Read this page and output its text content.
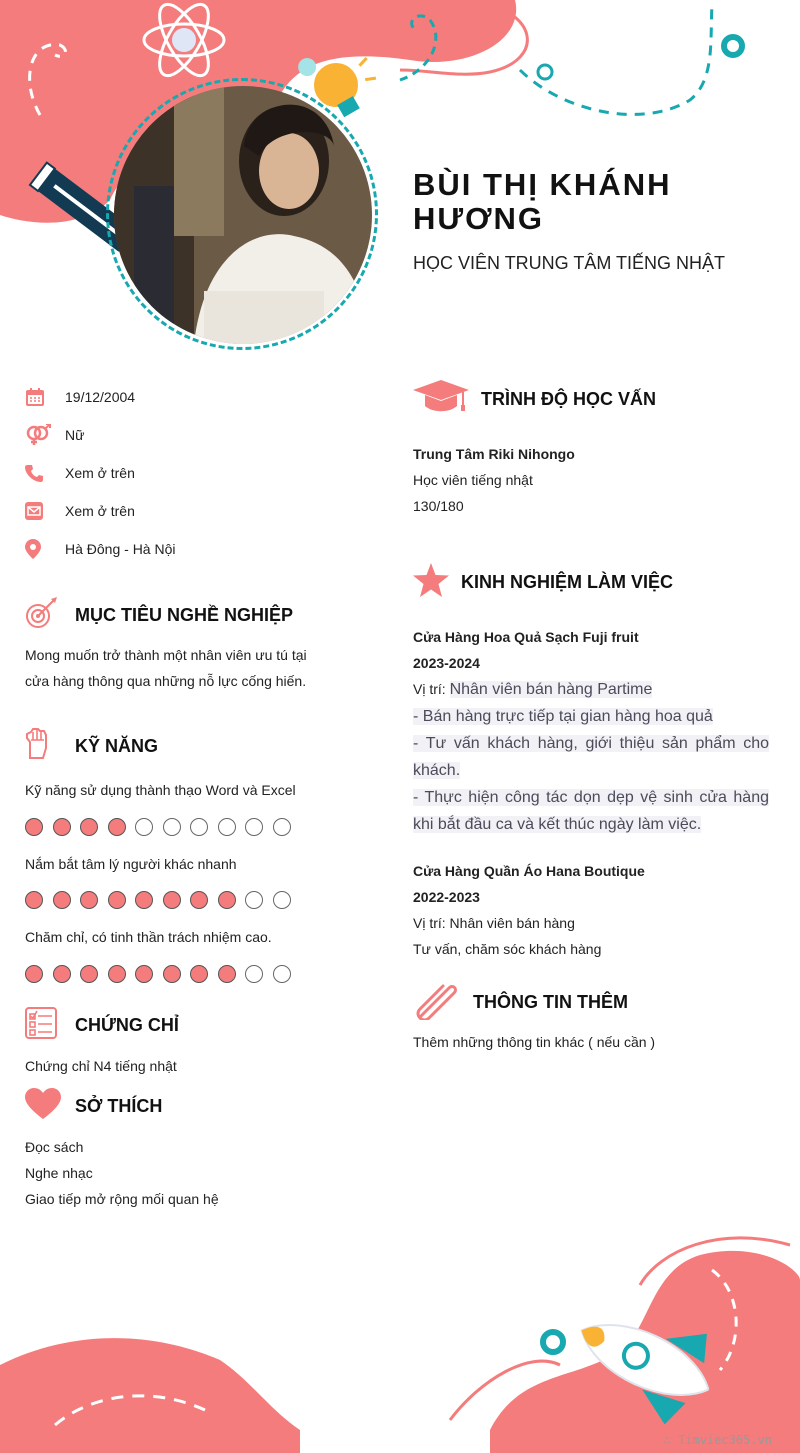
BÙI THỊ KHÁNH HƯƠNG
HỌC VIÊN TRUNG TÂM TIẾNG NHẬT
19/12/2004
Nữ
Xem ở trên
Xem ở trên
Hà Đông - Hà Nội
MỤC TIÊU NGHỀ NGHIỆP
Mong muốn trở thành một nhân viên ưu tú tại
cửa hàng thông qua những nỗ lực cống hiến.
KỸ NĂNG
Kỹ năng sử dụng thành thạo Word và Excel
Nắm bắt tâm lý người khác nhanh
Chăm chỉ, có tinh thần trách nhiệm cao.
CHỨNG CHỈ
Chứng chỉ N4 tiếng nhật
SỞ THÍCH
Đọc sách
Nghe nhạc
Giao tiếp mở rộng mối quan hệ
TRÌNH ĐỘ HỌC VẤN
Trung Tâm Riki Nihongo
Học viên tiếng nhật
130/180
KINH NGHIỆM LÀM VIỆC
Cửa Hàng Hoa Quả Sạch Fuji fruit
2023-2024
Vị trí: Nhân viên bán hàng Partime
- Bán hàng trực tiếp tại gian hàng hoa quả
- Tư vấn khách hàng, giới thiệu sản phẩm cho khách.
- Thực hiện công tác dọn dẹp vệ sinh cửa hàng khi bắt đầu ca và kết thúc ngày làm việc.
Cửa Hàng Quần Áo Hana Boutique
2022-2023
Vị trí: Nhân viên bán hàng
Tư vấn, chăm sóc khách hàng
THÔNG TIN THÊM
Thêm những thông tin khác ( nếu cần )
∴ Timviec365.vn
